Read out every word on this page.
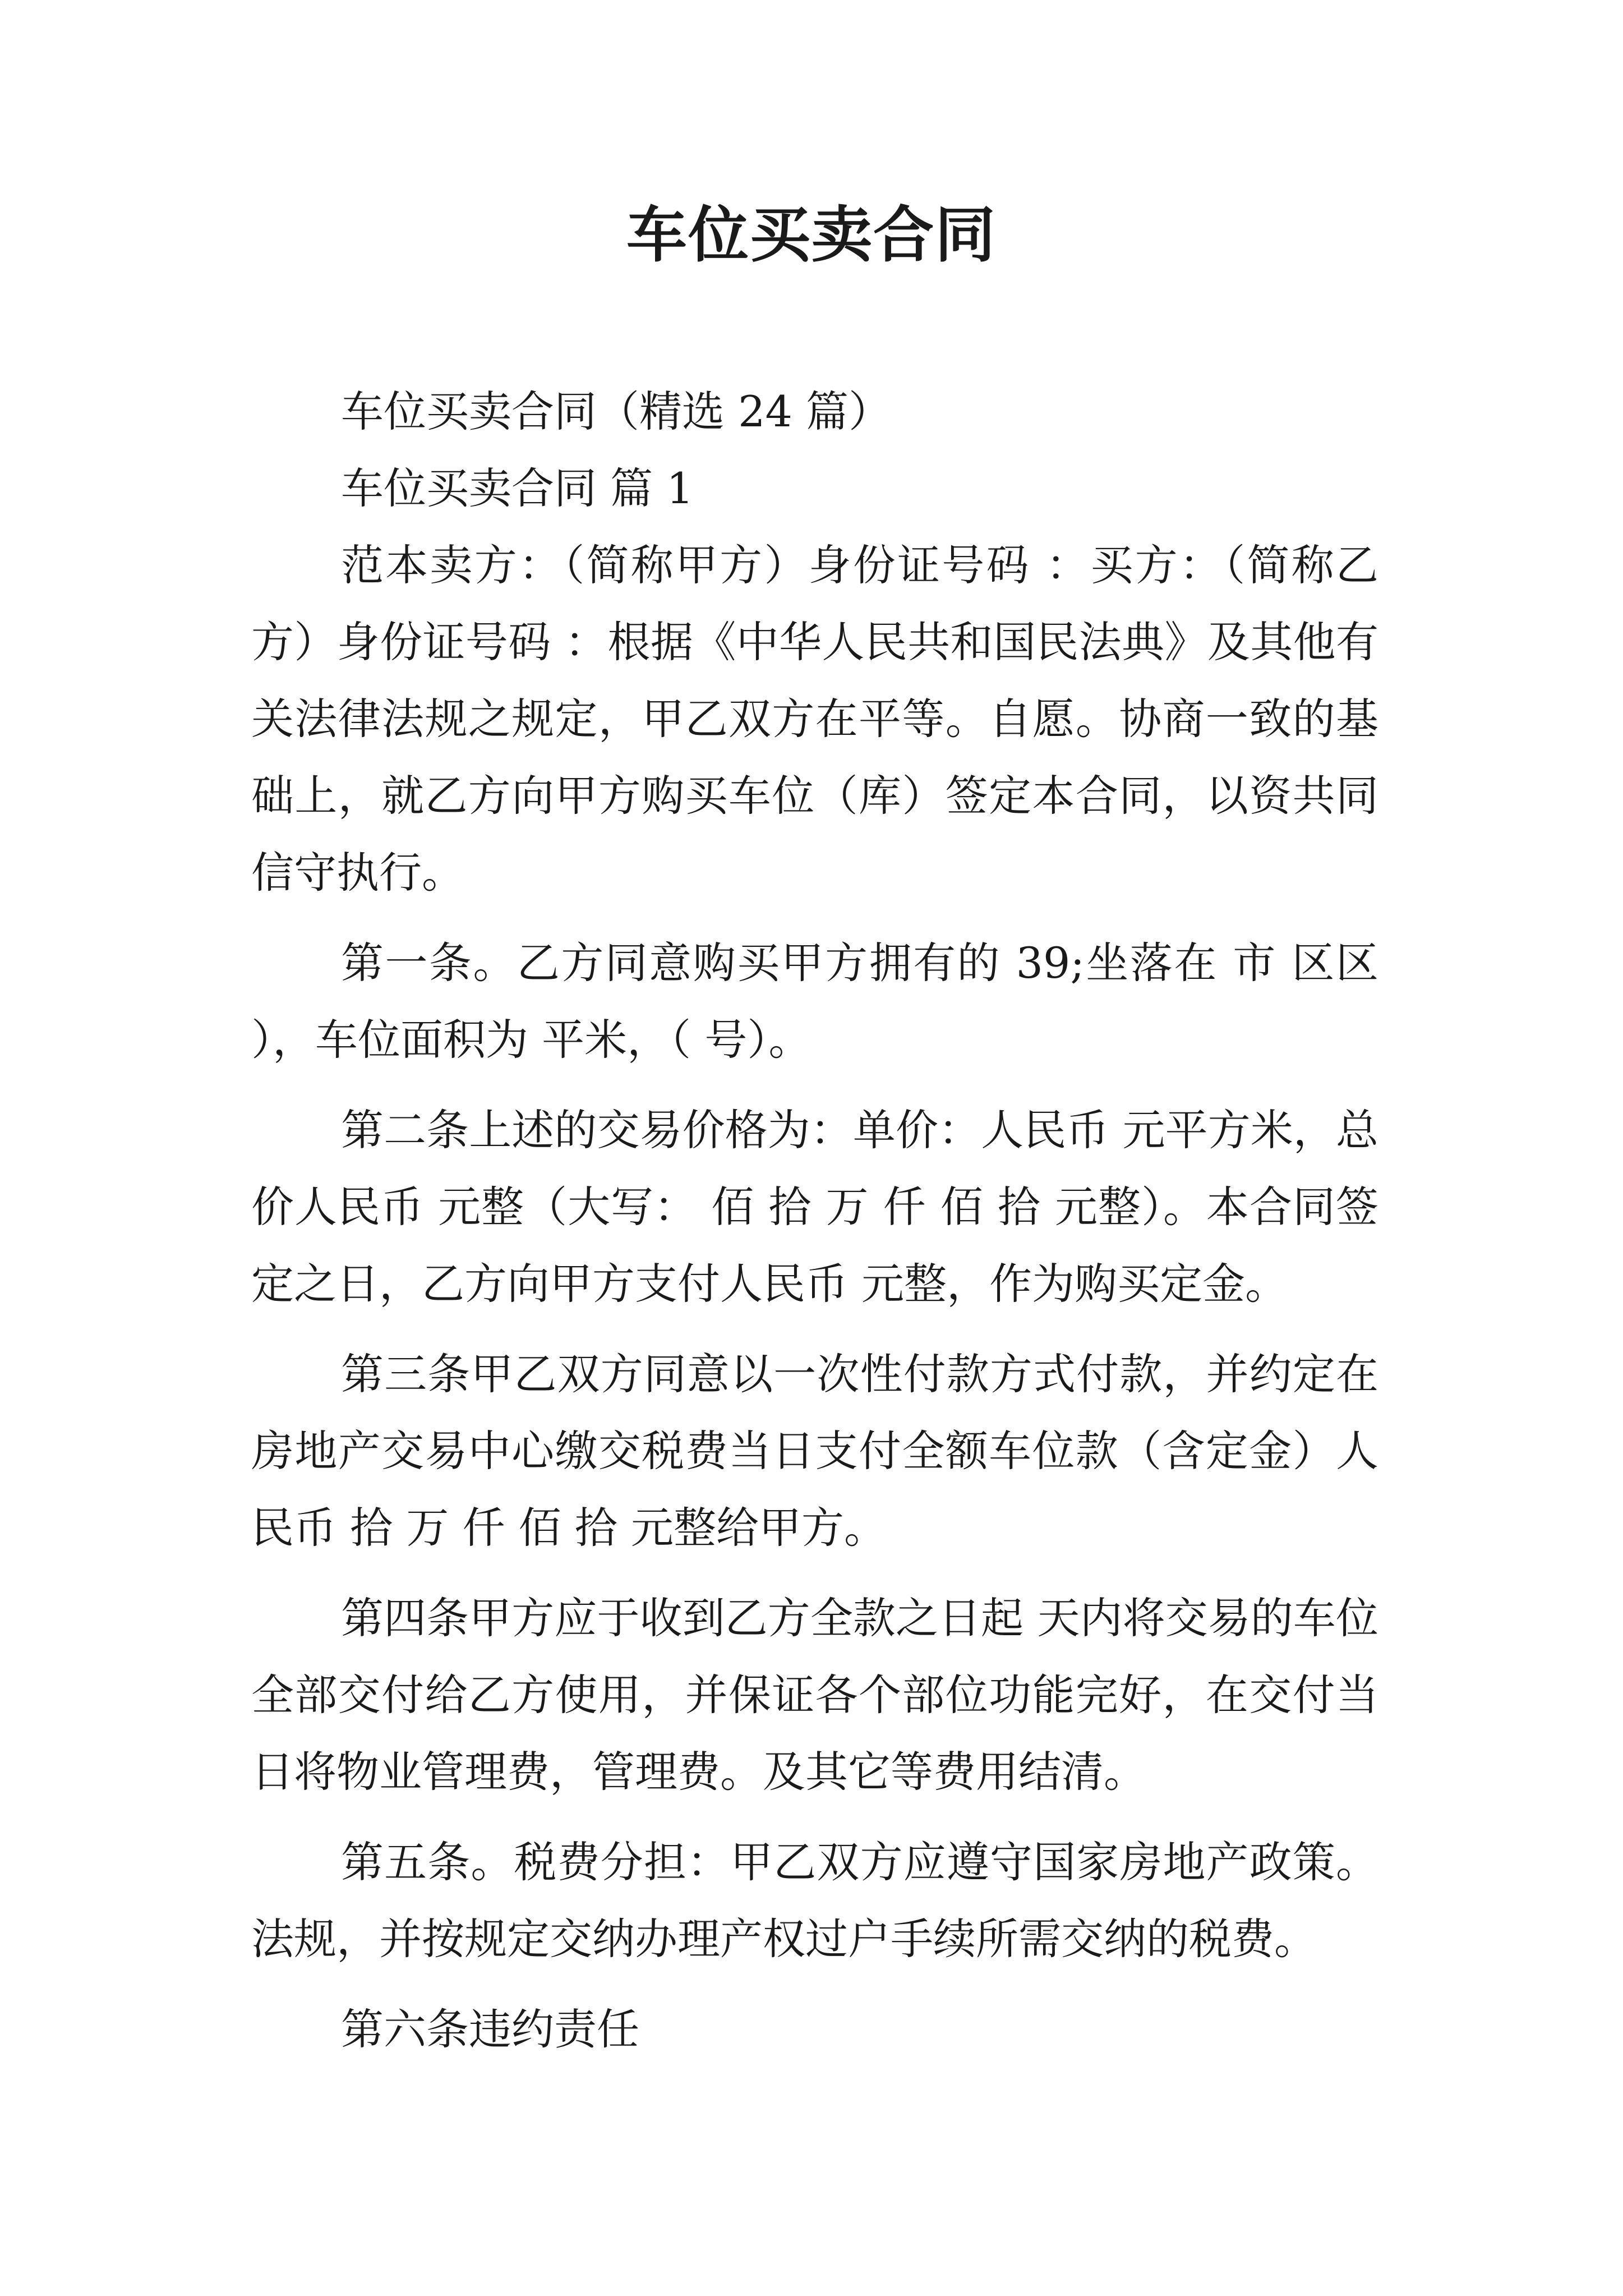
车位买卖合同

车位买卖合同（精选 24 篇）

车位买卖合同 篇 1

范本卖方：（简称甲方）身份证号码 ：买方：（简称乙方）身份证号码 ：根据《中华人民共和国民法典》及其他有关法律法规之规定，甲乙双方在平等。自愿。协商一致的基础上，就乙方向甲方购买车位（库）签定本合同，以资共同信守执行。

第一条。乙方同意购买甲方拥有的 39;坐落在 市 区区 ），车位面积为 平米，（ 号）。

第二条上述的交易价格为：单价：人民币 元平方米，总价人民币 元整（大写： 佰 拾 万 仟 佰 拾 元整）。本合同签定之日，乙方向甲方支付人民币 元整，作为购买定金。

第三条甲乙双方同意以一次性付款方式付款，并约定在房地产交易中心缴交税费当日支付全额车位款（含定金）人民币 拾 万 仟 佰 拾 元整给甲方。

第四条甲方应于收到乙方全款之日起 天内将交易的车位全部交付给乙方使用，并保证各个部位功能完好，在交付当日将物业管理费，管理费。及其它等费用结清。

第五条。税费分担：甲乙双方应遵守国家房地产政策。法规，并按规定交纳办理产权过户手续所需交纳的税费。

第六条违约责任
